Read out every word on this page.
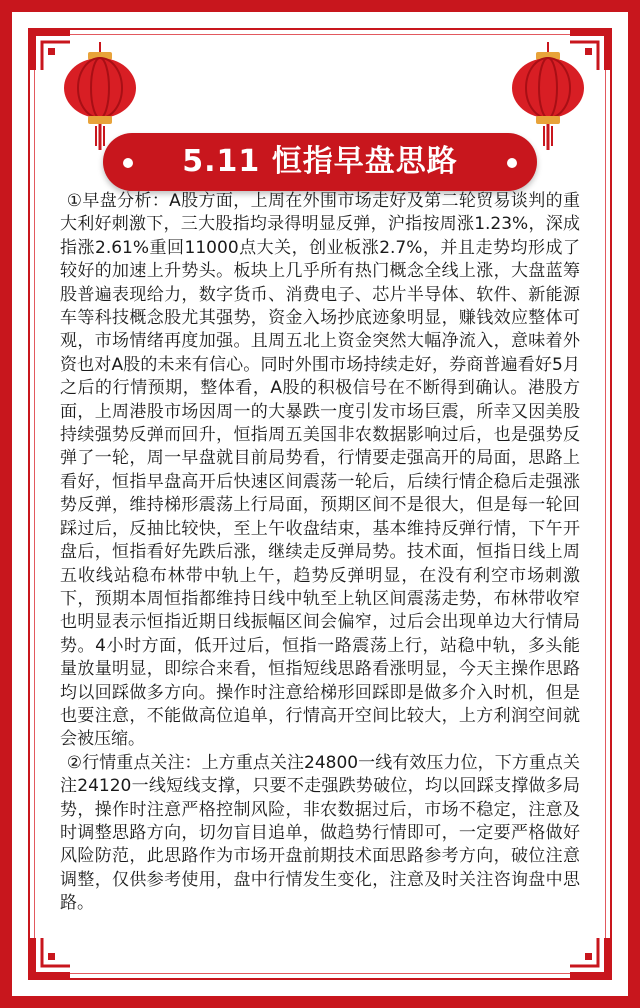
5.11 恒指早盘思路

①早盘分析：A股方面，上周在外围市场走好及第二轮贸易谈判的重大利好刺激下，三大股指均录得明显反弹，沪指按周涨1.23%，深成指涨2.61%重回11000点大关，创业板涨2.7%，并且走势均形成了较好的加速上升势头。板块上几乎所有热门概念全线上涨，大盘蓝筹股普遍表现给力，数字货币、消费电子、芯片半导体、软件、新能源车等科技概念股尤其强势，资金入场抄底迹象明显，赚钱效应整体可观，市场情绪再度加强。且周五北上资金突然大幅净流入，意味着外资也对A股的未来有信心。同时外围市场持续走好，券商普遍看好5月之后的行情预期，整体看，A股的积极信号在不断得到确认。港股方面，上周港股市场因周一的大暴跌一度引发市场巨震，所幸又因美股持续强势反弹而回升，恒指周五美国非农数据影响过后，也是强势反弹了一轮，周一早盘就目前局势看，行情要走强高开的局面，思路上看好，恒指早盘高开后快速区间震荡一轮后，后续行情企稳后走强涨势反弹，维持梯形震荡上行局面，预期区间不是很大，但是每一轮回踩过后，反抽比较快，至上午收盘结束，基本维持反弹行情，下午开盘后，恒指看好先跌后涨，继续走反弹局势。技术面，恒指日线上周五收线站稳布林带中轨上午，趋势反弹明显，在没有利空市场刺激下，预期本周恒指都维持日线中轨至上轨区间震荡走势，布林带收窄也明显表示恒指近期日线振幅区间会偏窄，过后会出现单边大行情局势。4小时方面，低开过后，恒指一路震荡上行，站稳中轨，多头能量放量明显，即综合来看，恒指短线思路看涨明显，今天主操作思路均以回踩做多方向。操作时注意给梯形回踩即是做多介入时机，但是也要注意，不能做高位追单，行情高开空间比较大，上方利润空间就会被压缩。

②行情重点关注：上方重点关注24800一线有效压力位，下方重点关注24120一线短线支撑，只要不走强跌势破位，均以回踩支撑做多局势，操作时注意严格控制风险，非农数据过后，市场不稳定，注意及时调整思路方向，切勿盲目追单，做趋势行情即可，一定要严格做好风险防范，此思路作为市场开盘前期技术面思路参考方向，破位注意调整，仅供参考使用，盘中行情发生变化，注意及时关注咨询盘中思路。
